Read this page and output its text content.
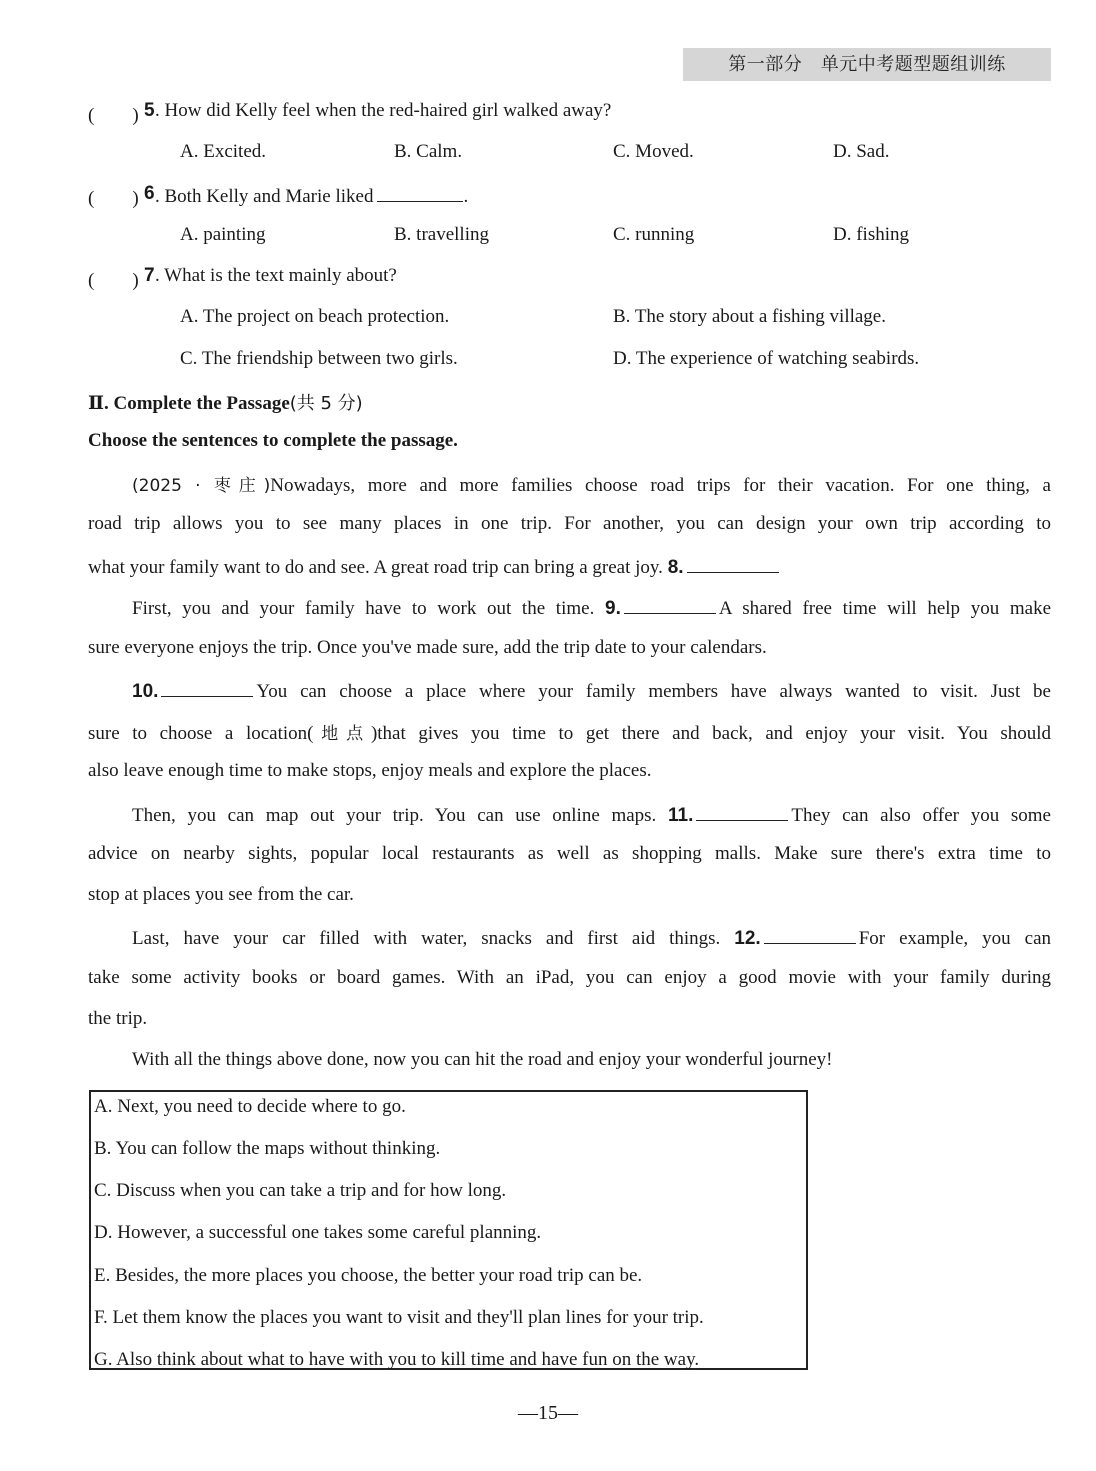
第一部分　单元中考题型题组训练
(　　) 5 . How did Kelly feel when the red-haired girl walked away?
A. Excited.	B. Calm.	C. Moved.	D. Sad.
(　　) 6 . Both Kelly and Marie liked	.
A. painting	B. travelling	C. running	D. fishing
(　　) 7 . What is the text mainly about?
A. The project on beach protection.	B. The story about a fishing village.
C. The friendship between two girls.	D. The experience of watching seabirds.
Ⅱ. Complete the Passage(共 5 分)
Choose the sentences to complete the passage.
(2025 · 枣庄)Nowadays, more and more families choose road trips for their vacation. For one thing, a
road trip allows you to see many places in one trip. For another, you can design your own trip according to
what your family want to do and see. A great road trip can bring a great joy. 8.
First, you and your family have to work out the time. 9.	A shared free time will help you make
sure everyone enjoys the trip. Once you've made sure, add the trip date to your calendars.
10.	You can choose a place where your family members have always wanted to visit. Just be
sure to choose a location(地点)that gives you time to get there and back, and enjoy your visit. You should
also leave enough time to make stops, enjoy meals and explore the places.
Then, you can map out your trip. You can use online maps. 11.	They can also offer you some
advice on nearby sights, popular local restaurants as well as shopping malls. Make sure there's extra time to
stop at places you see from the car.
Last, have your car filled with water, snacks and first aid things. 12.	For example, you can
take some activity books or board games. With an iPad, you can enjoy a good movie with your family during
the trip.
With all the things above done, now you can hit the road and enjoy your wonderful journey!
A. Next, you need to decide where to go.
B. You can follow the maps without thinking.
C. Discuss when you can take a trip and for how long.
D. However, a successful one takes some careful planning.
E. Besides, the more places you choose, the better your road trip can be.
F. Let them know the places you want to visit and they'll plan lines for your trip.
G. Also think about what to have with you to kill time and have fun on the way.
—15—
